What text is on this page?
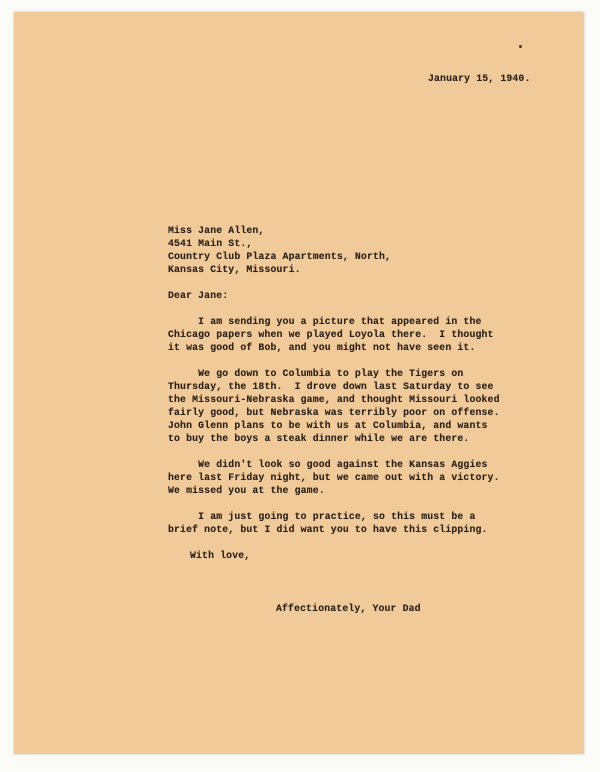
January 15, 1940.

Miss Jane Allen,

4541 Main St.,

Country Club Plaza Apartments, North,

Kansas City, Missouri.

Dear Jane:

I am sending you a picture that appeared in the

Chicago papers when we played Loyola there.  I thought

it was good of Bob, and you might not have seen it.

We go down to Columbia to play the Tigers on

Thursday, the 18th.  I drove down last Saturday to see

the Missouri-Nebraska game, and thought Missouri looked

fairly good, but Nebraska was terribly poor on offense.

John Glenn plans to be with us at Columbia, and wants

to buy the boys a steak dinner while we are there.

We didn't look so good against the Kansas Aggies

here last Friday night, but we came out with a victory.

We missed you at the game.

I am just going to practice, so this must be a

brief note, but I did want you to have this clipping.

With love,

Affectionately, Your Dad
